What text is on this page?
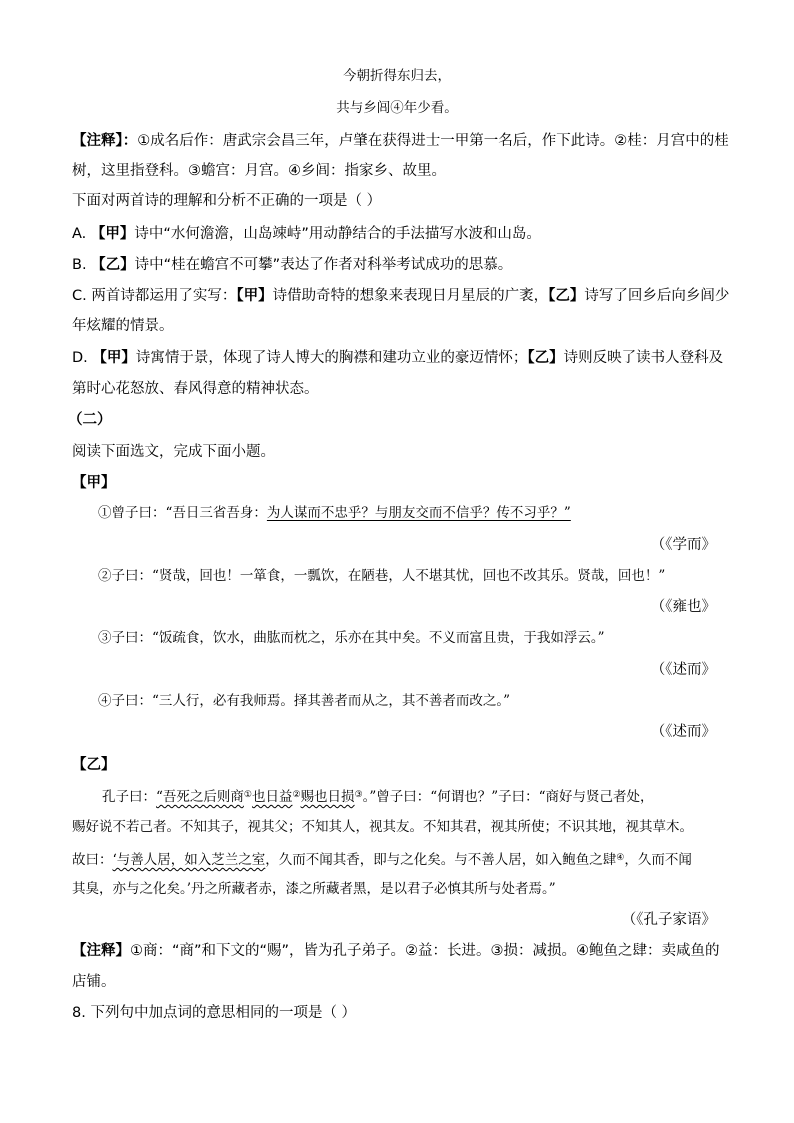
今朝折得东归去，
共与乡闾④年少看。
【注释】：①成名后作：唐武宗会昌三年，卢肇在获得进士一甲第一名后，作下此诗。②桂：月宫中的桂
树，这里指登科。③蟾宫：月宫。④乡闾：指家乡、故里。
下面对两首诗的理解和分析不正确的一项是（ ）
A. 【甲】诗中“水何澹澹，山岛竦峙”用动静结合的手法描写水波和山岛。
B. 【乙】诗中“桂在蟾宫不可攀”表达了作者对科举考试成功的思慕。
C. 两首诗都运用了实写：【甲】诗借助奇特的想象来表现日月星辰的广袤，【乙】诗写了回乡后向乡闾少
年炫耀的情景。
D. 【甲】诗寓情于景，体现了诗人博大的胸襟和建功立业的豪迈情怀；【乙】诗则反映了读书人登科及
第时心花怒放、春风得意的精神状态。
（二）
阅读下面选文，完成下面小题。
【甲】
①曾子曰：“吾日三省吾身：为人谋而不忠乎？与朋友交而不信乎？传不习乎？”
（《学而》
②子曰：“贤哉，回也！一箪食，一瓢饮，在陋巷，人不堪其忧，回也不改其乐。贤哉，回也！”
（《雍也》
③子曰：“饭疏食，饮水，曲肱而枕之，乐亦在其中矣。不义而富且贵，于我如浮云。”
（《述而》
④子曰：“三人行，必有我师焉。择其善者而从之，其不善者而改之。”
（《述而》
【乙】
孔子曰：“吾死之后则商①也日益②赐也日损③。”曾子曰：“何谓也？”子曰：“商好与贤己者处，
赐好说不若己者。不知其子，视其父；不知其人，视其友。不知其君，视其所使；不识其地，视其草木。
故曰：‘与善人居，如入芝兰之室，久而不闻其香，即与之化矣。与不善人居，如入鲍鱼之肆④，久而不闻
其臭，亦与之化矣。’丹之所藏者赤，漆之所藏者黑，是以君子必慎其所与处者焉。”
（《孔子家语》
【注释】①商：“商”和下文的“赐”，皆为孔子弟子。②益：长进。③损：减损。④鲍鱼之肆：卖咸鱼的
店铺。
8. 下列句中加点词的意思相同的一项是（ ）
